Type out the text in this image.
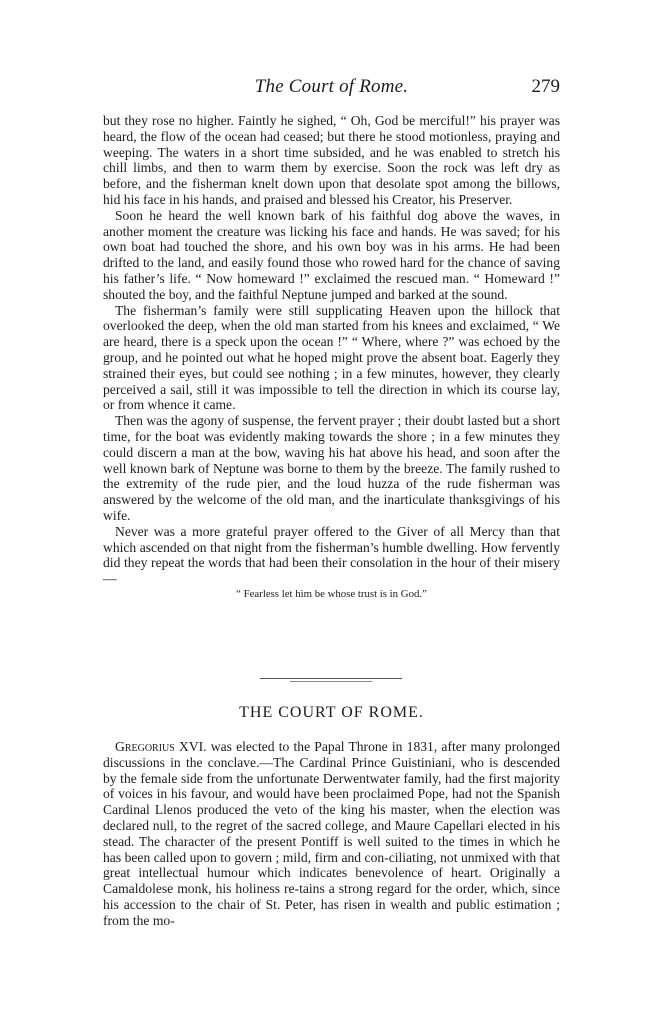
The Court of Rome.	279

but they rose no higher. Faintly he sighed, “ Oh, God be merciful!” his prayer was heard, the flow of the ocean had ceased; but there he stood motionless, praying and weeping. The waters in a short time subsided, and he was enabled to stretch his chill limbs, and then to warm them by exercise. Soon the rock was left dry as before, and the fisherman knelt down upon that desolate spot among the billows, hid his face in his hands, and praised and blessed his Creator, his Preserver.

Soon he heard the well known bark of his faithful dog above the waves, in another moment the creature was licking his face and hands. He was saved; for his own boat had touched the shore, and his own boy was in his arms. He had been drifted to the land, and easily found those who rowed hard for the chance of saving his father’s life. “ Now homeward !” exclaimed the rescued man. “ Homeward !” shouted the boy, and the faithful Neptune jumped and barked at the sound.

The fisherman’s family were still supplicating Heaven upon the hillock that overlooked the deep, when the old man started from his knees and exclaimed, “ We are heard, there is a speck upon the ocean !” “ Where, where ?” was echoed by the group, and he pointed out what he hoped might prove the absent boat. Eagerly they strained their eyes, but could see nothing ; in a few minutes, however, they clearly perceived a sail, still it was impossible to tell the direction in which its course lay, or from whence it came.

Then was the agony of suspense, the fervent prayer ; their doubt lasted but a short time, for the boat was evidently making towards the shore ; in a few minutes they could discern a man at the bow, waving his hat above his head, and soon after the well known bark of Neptune was borne to them by the breeze. The family rushed to the extremity of the rude pier, and the loud huzza of the rude fisherman was answered by the welcome of the old man, and the inarticulate thanksgivings of his wife.

Never was a more grateful prayer offered to the Giver of all Mercy than that which ascended on that night from the fisherman’s humble dwelling. How fervently did they repeat the words that had been their consolation in the hour of their misery—

“ Fearless let him be whose trust is in God.”
THE COURT OF ROME.

Gregorius XVI. was elected to the Papal Throne in 1831, after many prolonged discussions in the conclave.—The Cardinal Prince Guistiniani, who is descended by the female side from the unfortunate Derwentwater family, had the first majority of voices in his favour, and would have been proclaimed Pope, had not the Spanish Cardinal Llenos produced the veto of the king his master, when the election was declared null, to the regret of the sacred college, and Maure Capellari elected in his stead. The character of the present Pontiff is well suited to the times in which he has been called upon to govern ; mild, firm and con-ciliating, not unmixed with that great intellectual humour which indicates benevolence of heart. Originally a Camaldolese monk, his holiness re-tains a strong regard for the order, which, since his accession to the chair of St. Peter, has risen in wealth and public estimation ; from the mo-
